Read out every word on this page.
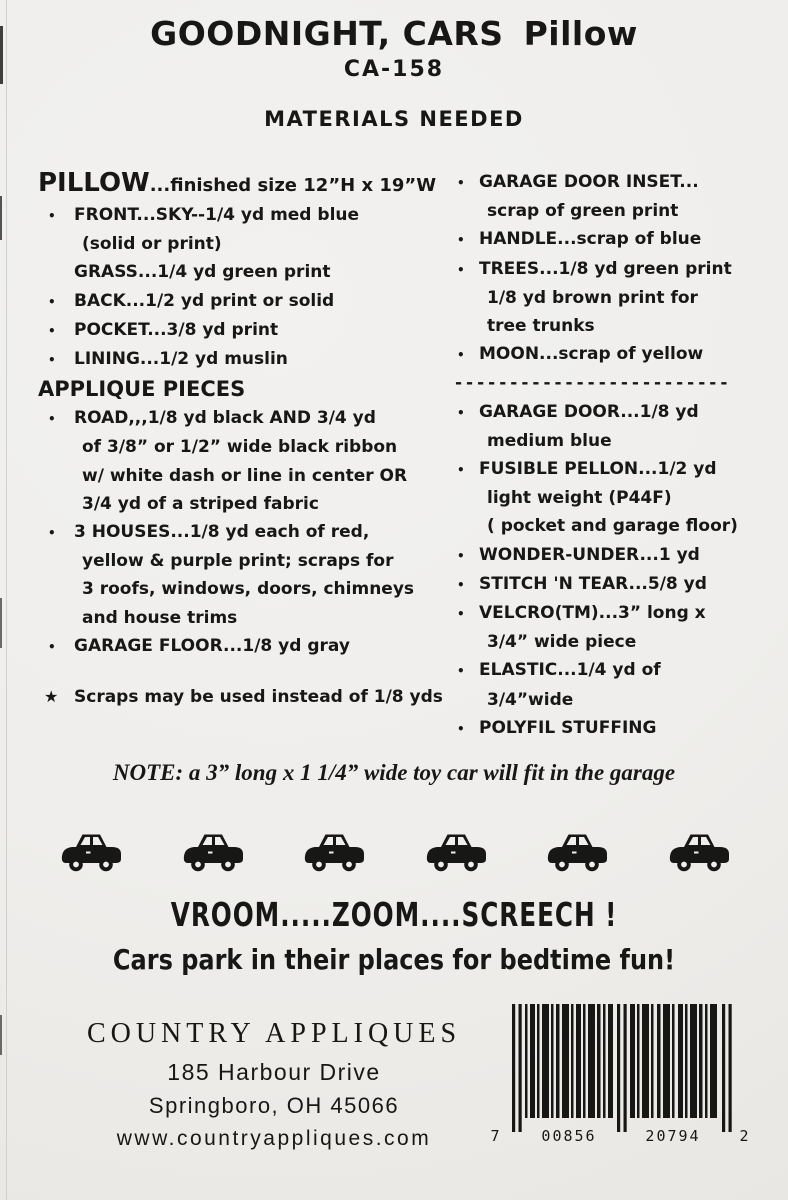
GOODNIGHT, CARS Pillow
CA-158
MATERIALS NEEDED
PILLOW...finished size 12”H x 19”W
•	FRONT...SKY--1/4 yd med blue
(solid or print)
GRASS...1/4 yd green print
•	BACK...1/2 yd print or solid
•	POCKET...3/8 yd print
•	LINING...1/2 yd muslin
APPLIQUE PIECES
•	ROAD,,,1/8 yd black AND 3/4 yd
of 3/8” or 1/2” wide black ribbon
w/ white dash or line in center OR
3/4 yd of a striped fabric
•	3 HOUSES...1/8 yd each of red,
yellow & purple print; scraps for
3 roofs, windows, doors, chimneys
and house trims
•	GARAGE FLOOR...1/8 yd gray
★ Scraps may be used instead of 1/8 yds
• GARAGE DOOR INSET...
scrap of green print
• HANDLE...scrap of blue
• TREES...1/8 yd green print
1/8 yd brown print for
tree trunks
• MOON...scrap of yellow
-------------------------
• GARAGE DOOR...1/8 yd
medium blue
• FUSIBLE PELLON...1/2 yd
light weight (P44F)
( pocket and garage floor)
• WONDER-UNDER...1 yd
• STITCH 'N TEAR...5/8 yd
• VELCRO(TM)...3” long x
3/4” wide piece
• ELASTIC...1/4 yd of
3/4”wide
• POLYFIL STUFFING
NOTE: a 3” long x 1 1/4” wide toy car will fit in the garage
VROOM.....ZOOM....SCREECH !
Cars park in their places for bedtime fun!
COUNTRY APPLIQUES
185 Harbour Drive
Springboro, OH 45066
www.countryappliques.com	7	00856	20794	2
